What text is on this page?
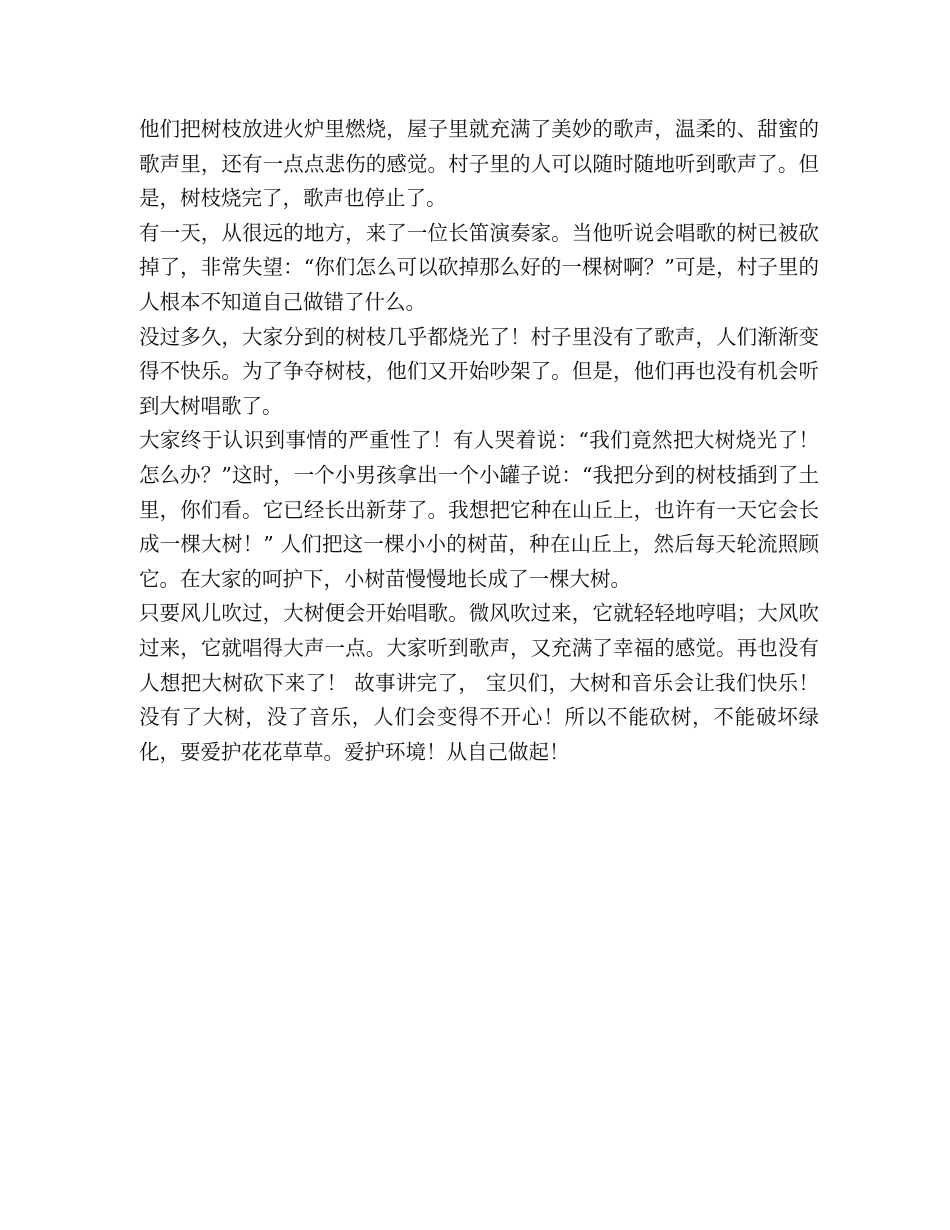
他们把树枝放进火炉里燃烧，屋子里就充满了美妙的歌声，温柔的、甜蜜的歌声里，还有一点点悲伤的感觉。村子里的人可以随时随地听到歌声了。但是，树枝烧完了，歌声也停止了。

有一天，从很远的地方，来了一位长笛演奏家。当他听说会唱歌的树已被砍掉了，非常失望：“你们怎么可以砍掉那么好的一棵树啊？”可是，村子里的人根本不知道自己做错了什么。

没过多久，大家分到的树枝几乎都烧光了！村子里没有了歌声，人们渐渐变得不快乐。为了争夺树枝，他们又开始吵架了。但是，他们再也没有机会听到大树唱歌了。

大家终于认识到事情的严重性了！有人哭着说：“我们竟然把大树烧光了！怎么办？”这时，一个小男孩拿出一个小罐子说：“我把分到的树枝插到了土里，你们看。它已经长出新芽了。我想把它种在山丘上，也许有一天它会长成一棵大树！” 人们把这一棵小小的树苗，种在山丘上，然后每天轮流照顾它。在大家的呵护下，小树苗慢慢地长成了一棵大树。

只要风儿吹过，大树便会开始唱歌。微风吹过来，它就轻轻地哼唱；大风吹过来，它就唱得大声一点。大家听到歌声，又充满了幸福的感觉。再也没有人想把大树砍下来了！ 故事讲完了， 宝贝们，大树和音乐会让我们快乐！没有了大树，没了音乐，人们会变得不开心！所以不能砍树，不能破坏绿化，要爱护花花草草。爱护环境！从自己做起！
